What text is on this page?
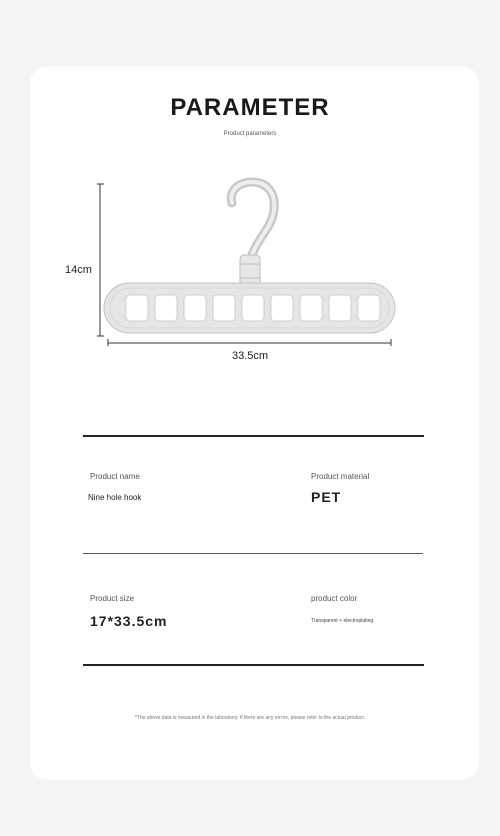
PARAMETER
Product parameters
14cm
33.5cm
Product name
Nine hole hook
Product material
PET
Product size
17*33.5cm
product color
Transparent + electroplating
*The above data is measured in the laboratory. If there are any errors, please refer to the actual product.
